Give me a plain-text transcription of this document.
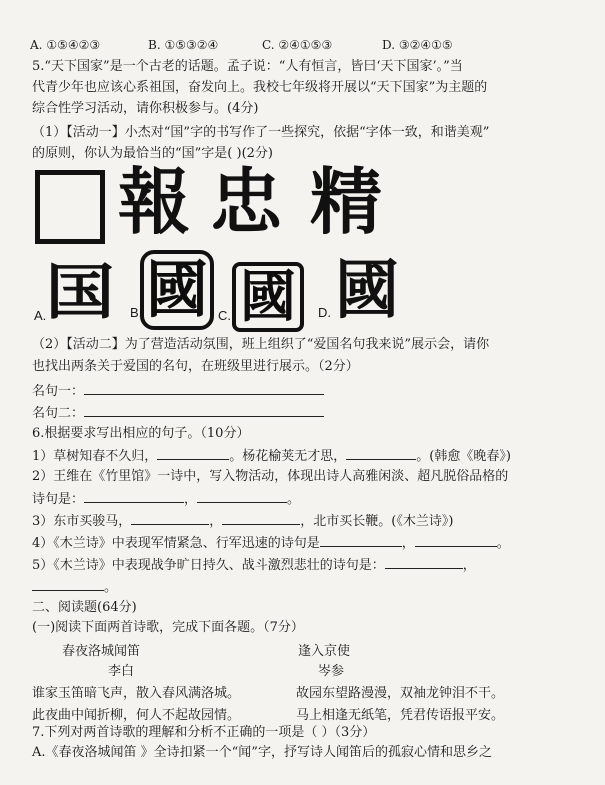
A. ①⑤④②③	B. ①⑤③②④	C. ②④①⑤③	D. ③②④①⑤
5.“天下国家”是一个古老的话题。孟子说：“人有恒言，皆曰‘天下国家’。”当
代青少年也应该心系祖国，奋发向上。我校七年级将开展以“天下国家”为主题的
综合性学习活动，请你积极参与。(4分)
（1）【活动一】小杰对“国”字的书写作了一些探究，依据“字体一致，和谐美观”
的原则，你认为最恰当的“国”字是( )(2分)
報 忠 精
国 國 國 國
A.	B.	C.	D.
（2）【活动二】为了营造活动氛围，班上组织了“爱国名句我来说”展示会，请你
也找出两条关于爱国的名句，在班级里进行展示。（2分）
名句一：
名句二：
6.根据要求写出相应的句子。（10分）
1）草树知春不久归，	。杨花榆荚无才思，	。(韩愈《晚春》)
2）王维在《竹里馆》一诗中，写入物活动，体现出诗人高雅闲淡、超凡脱俗品格的
诗句是：	，	。
3）东市买骏马，	，	，北市买长鞭。(《木兰诗》)
4）《木兰诗》中表现军情紧急、行军迅速的诗句是	，	。
5）《木兰诗》中表现战争旷日持久、战斗激烈悲壮的诗句是：	，
。
二、阅读题(64分)
(一)阅读下面两首诗歌，完成下面各题。（7分）
春夜洛城闻笛	逢入京使
李白	岑参
谁家玉笛暗飞声，散入春风满洛城。	故园东望路漫漫，双袖龙钟泪不干。
此夜曲中闻折柳，何人不起故园情。	马上相逢无纸笔，凭君传语报平安。
7.下列对两首诗歌的理解和分析不正确的一项是（ ）（3分）
A.《春夜洛城闻笛 》全诗扣紧一个“闻”字，抒写诗人闻笛后的孤寂心情和思乡之
